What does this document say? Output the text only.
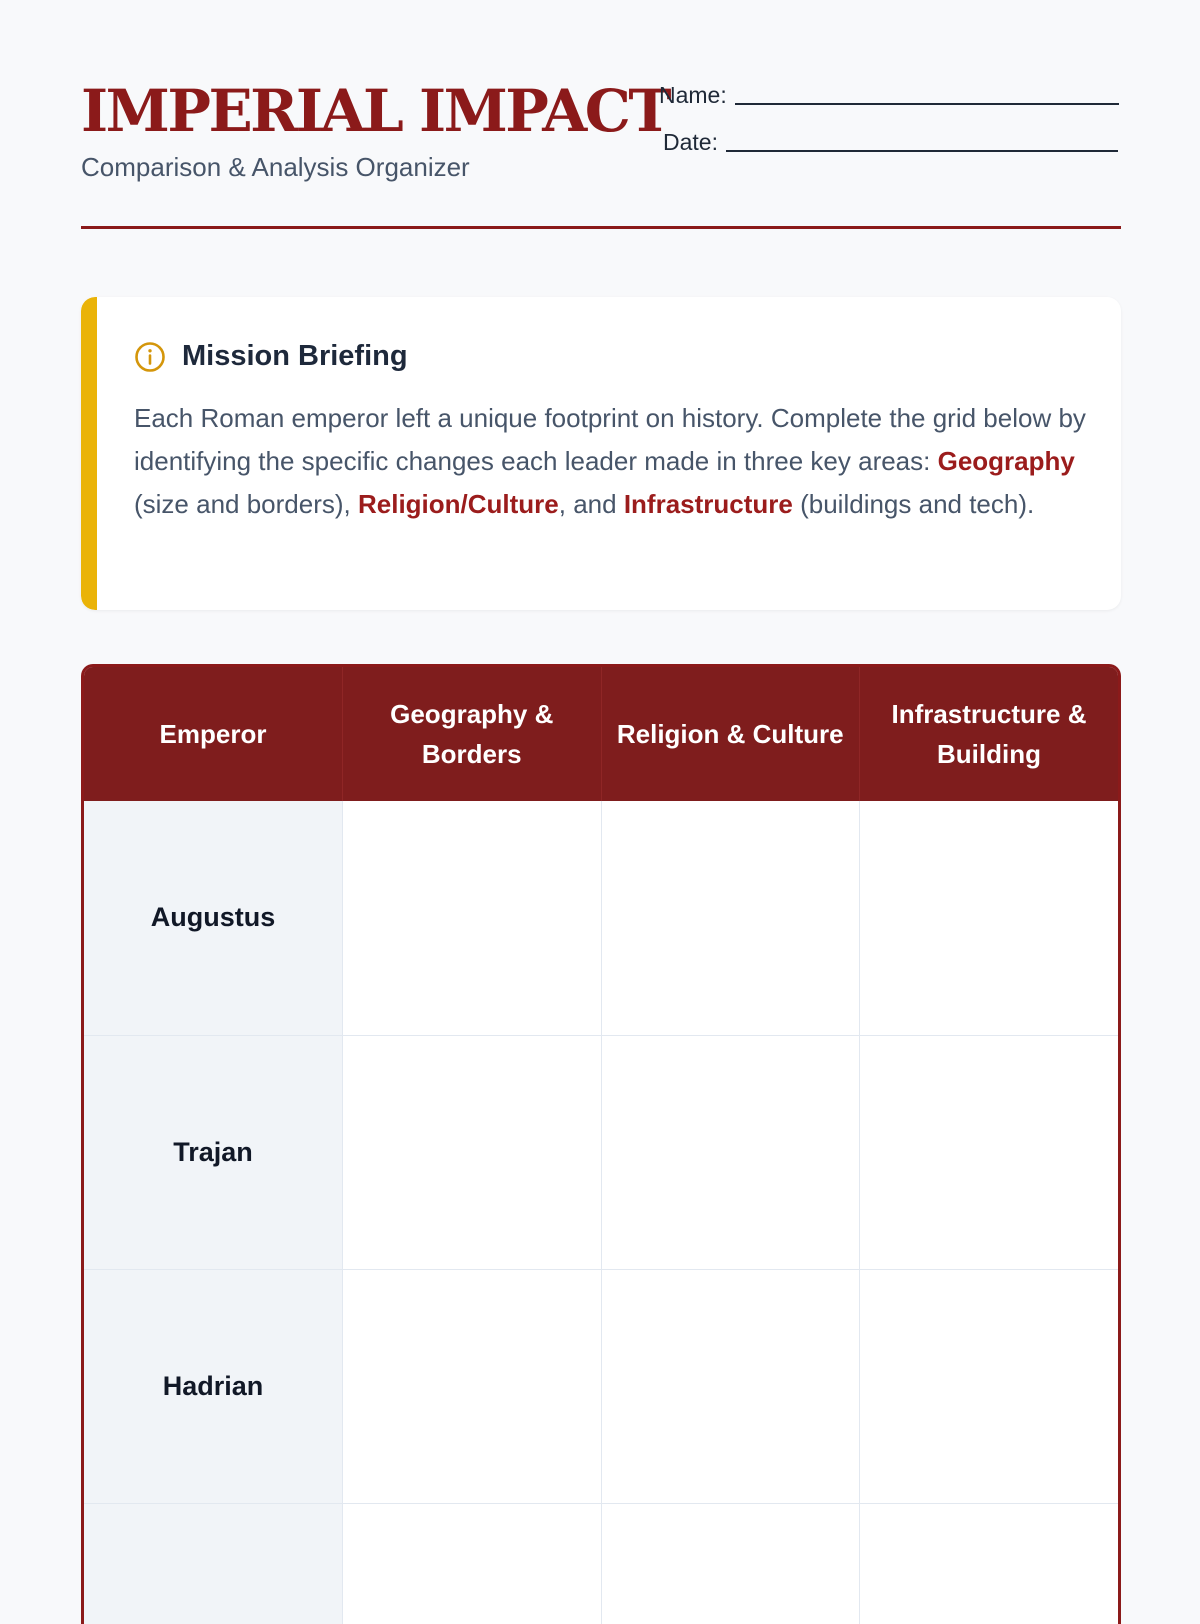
IMPERIAL IMPACT
Comparison & Analysis Organizer
Name:
Date:
Mission Briefing

Each Roman emperor left a unique footprint on history. Complete the grid below by identifying the specific changes each leader made in three key areas: Geography (size and borders), Religion/Culture, and Infrastructure (buildings and tech).

Emperor	Geography & Borders	Religion & Culture	Infrastructure & Building
Augustus			
Trajan			
Hadrian			
